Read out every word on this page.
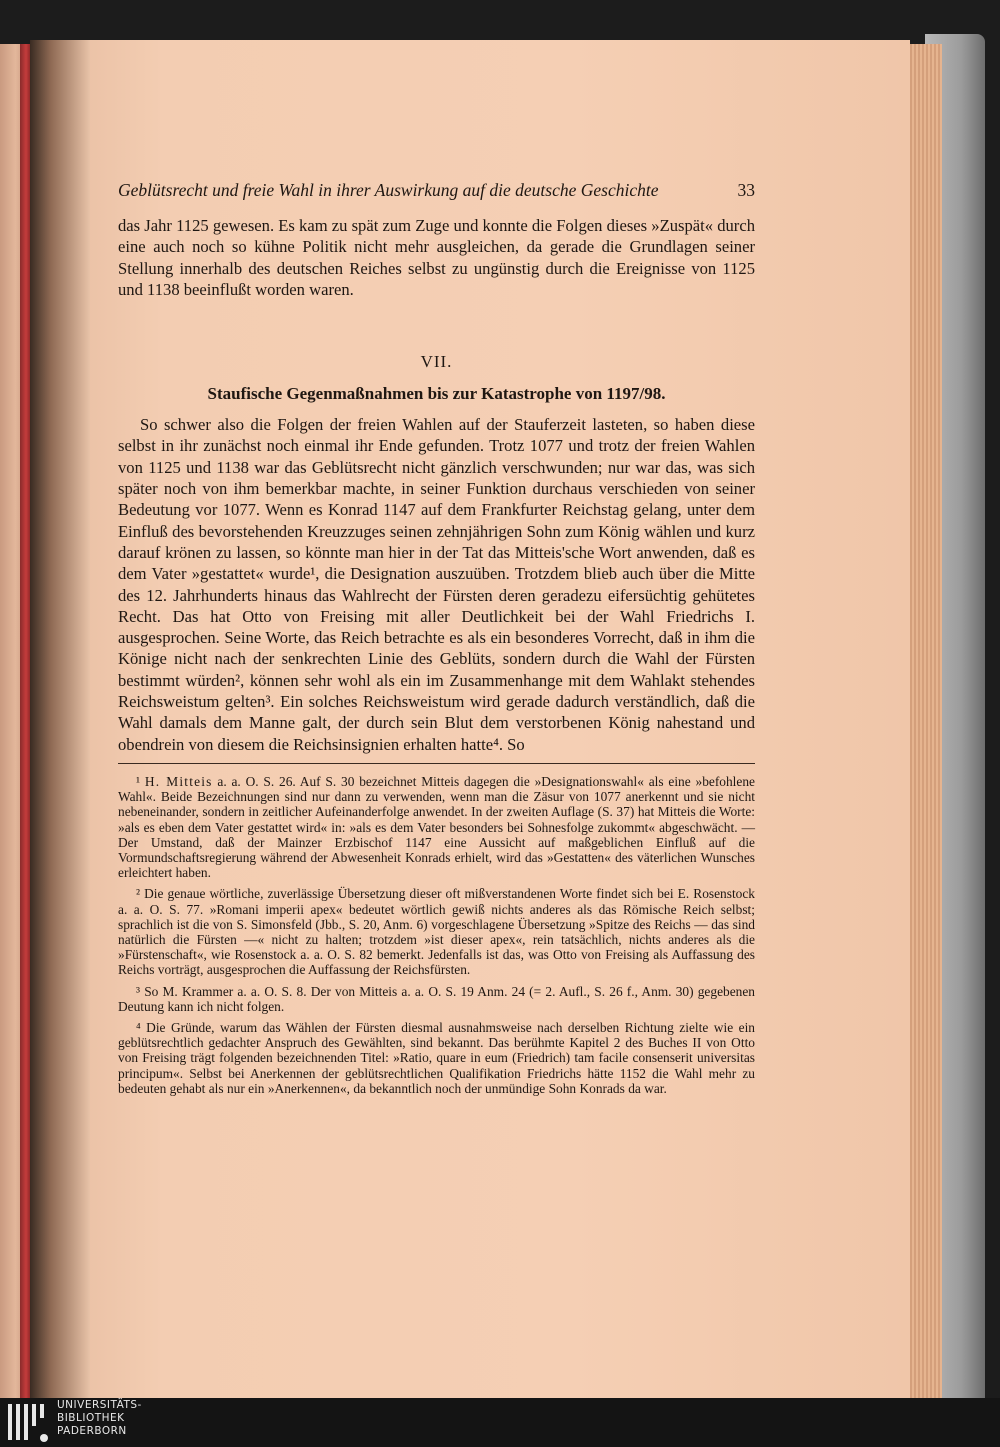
Geblütsrecht und freie Wahl in ihrer Auswirkung auf die deutsche Geschichte	33

das Jahr 1125 gewesen. Es kam zu spät zum Zuge und konnte die Folgen dieses »Zuspät« durch eine auch noch so kühne Politik nicht mehr ausgleichen, da gerade die Grundlagen seiner Stellung innerhalb des deutschen Reiches selbst zu ungünstig durch die Ereignisse von 1125 und 1138 beeinflußt worden waren.

VII.
Staufische Gegenmaßnahmen bis zur Katastrophe von 1197/98.

So schwer also die Folgen der freien Wahlen auf der Stauferzeit lasteten, so haben diese selbst in ihr zunächst noch einmal ihr Ende gefunden. Trotz 1077 und trotz der freien Wahlen von 1125 und 1138 war das Geblütsrecht nicht gänzlich verschwunden; nur war das, was sich später noch von ihm bemerkbar machte, in seiner Funktion durchaus verschieden von seiner Bedeutung vor 1077. Wenn es Konrad 1147 auf dem Frankfurter Reichstag gelang, unter dem Einfluß des bevorstehenden Kreuzzuges seinen zehnjährigen Sohn zum König wählen und kurz darauf krönen zu lassen, so könnte man hier in der Tat das Mitteis'sche Wort anwenden, daß es dem Vater »gestattet« wurde¹, die Designation auszuüben. Trotzdem blieb auch über die Mitte des 12. Jahrhunderts hinaus das Wahlrecht der Fürsten deren geradezu eifersüchtig gehütetes Recht. Das hat Otto von Freising mit aller Deutlichkeit bei der Wahl Friedrichs I. ausgesprochen. Seine Worte, das Reich betrachte es als ein besonderes Vorrecht, daß in ihm die Könige nicht nach der senkrechten Linie des Geblüts, sondern durch die Wahl der Fürsten bestimmt würden², können sehr wohl als ein im Zusammenhange mit dem Wahlakt stehendes Reichsweistum gelten³. Ein solches Reichsweistum wird gerade dadurch verständlich, daß die Wahl damals dem Manne galt, der durch sein Blut dem verstorbenen König nahestand und obendrein von diesem die Reichsinsignien erhalten hatte⁴. So

¹ H. Mitteis a. a. O. S. 26. Auf S. 30 bezeichnet Mitteis dagegen die »Designationswahl« als eine »befohlene Wahl«. Beide Bezeichnungen sind nur dann zu verwenden, wenn man die Zäsur von 1077 anerkennt und sie nicht nebeneinander, sondern in zeitlicher Aufeinanderfolge anwendet. In der zweiten Auflage (S. 37) hat Mitteis die Worte: »als es eben dem Vater gestattet wird« in: »als es dem Vater besonders bei Sohnesfolge zukommt« abgeschwächt. — Der Umstand, daß der Mainzer Erzbischof 1147 eine Aussicht auf maßgeblichen Einfluß auf die Vormundschaftsregierung während der Abwesenheit Konrads erhielt, wird das »Gestatten« des väterlichen Wunsches erleichtert haben.

² Die genaue wörtliche, zuverlässige Übersetzung dieser oft mißverstandenen Worte findet sich bei E. Rosenstock a. a. O. S. 77. »Romani imperii apex« bedeutet wörtlich gewiß nichts anderes als das Römische Reich selbst; sprachlich ist die von S. Simonsfeld (Jbb., S. 20, Anm. 6) vorgeschlagene Übersetzung »Spitze des Reichs — das sind natürlich die Fürsten —« nicht zu halten; trotzdem »ist dieser apex«, rein tatsächlich, nichts anderes als die »Fürstenschaft«, wie Rosenstock a. a. O. S. 82 bemerkt. Jedenfalls ist das, was Otto von Freising als Auffassung des Reichs vorträgt, ausgesprochen die Auffassung der Reichsfürsten.

³ So M. Krammer a. a. O. S. 8. Der von Mitteis a. a. O. S. 19 Anm. 24 (= 2. Aufl., S. 26 f., Anm. 30) gegebenen Deutung kann ich nicht folgen.

⁴ Die Gründe, warum das Wählen der Fürsten diesmal ausnahmsweise nach derselben Richtung zielte wie ein geblütsrechtlich gedachter Anspruch des Gewählten, sind bekannt. Das berühmte Kapitel 2 des Buches II von Otto von Freising trägt folgenden bezeichnenden Titel: »Ratio, quare in eum (Friedrich) tam facile consenserit universitas principum«. Selbst bei Anerkennen der geblütsrechtlichen Qualifikation Friedrichs hätte 1152 die Wahl mehr zu bedeuten gehabt als nur ein »Anerkennen«, da bekanntlich noch der unmündige Sohn Konrads da war.

UNIVERSITÄTS-
BIBLIOTHEK
PADERBORN
